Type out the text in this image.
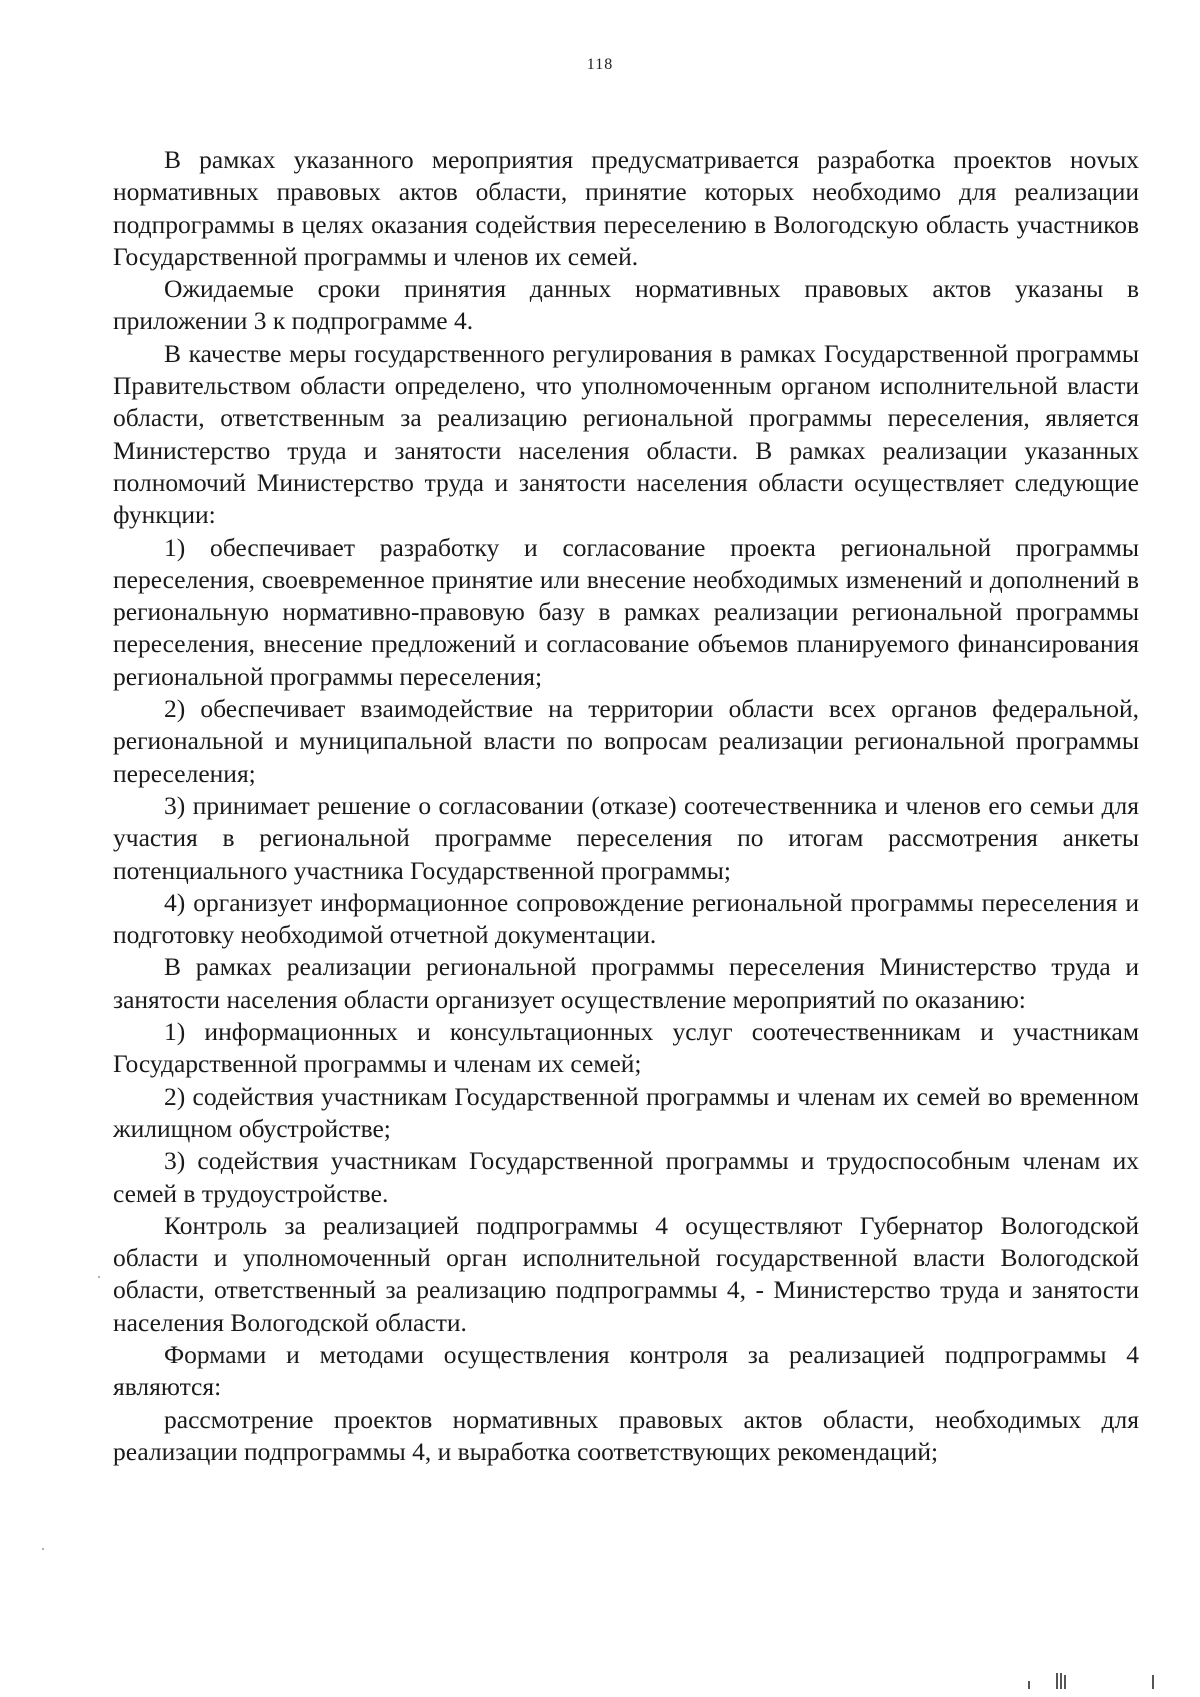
118

В рамках указанного мероприятия предусматривается разработка проектов ноvых нормативных правовых актов области, принятие которых необходимо для реализации подпрограммы в целях оказания содействия переселению в Вологодскую область участников Государственной программы и членов их семей.

Ожидаемые сроки принятия данных нормативных правовых актов указаны в приложении 3 к подпрограмме 4.

В качестве меры государственного регулирования в рамках Государственной программы Правительством области определено, что уполномоченным органом исполнительной власти области, ответственным за реализацию региональной программы переселения, является Министерство труда и занятости населения области. В рамках реализации указанных полномочий Министерство труда и занятости населения области осуществляет следующие функции:

1) обеспечивает разработку и согласование проекта региональной программы переселения, своевременное принятие или внесение необходимых изменений и дополнений в региональную нормативно-правовую базу в рамках реализации региональной программы переселения, внесение предложений и согласование объемов планируемого финансирования региональной программы переселения;

2) обеспечивает взаимодействие на территории области всех органов федеральной, региональной и муниципальной власти по вопросам реализации региональной программы переселения;

3) принимает решение о согласовании (отказе) соотечественника и членов его семьи для участия в региональной программе переселения по итогам рассмотрения анкеты потенциального участника Государственной программы;

4) организует информационное сопровождение региональной программы переселения и подготовку необходимой отчетной документации.

В рамках реализации региональной программы переселения Министерство труда и занятости населения области организует осуществление мероприятий по оказанию:

1) информационных и консультационных услуг соотечественникам и участникам Государственной программы и членам их семей;

2) содействия участникам Государственной программы и членам их семей во временном жилищном обустройстве;

3) содействия участникам Государственной программы и трудоспособным членам их семей в трудоустройстве.

Контроль за реализацией подпрограммы 4 осуществляют Губернатор Вологодской области и уполномоченный орган исполнительной государственной власти Вологодской области, ответственный за реализацию подпрограммы 4, - Министерство труда и занятости населения Вологодской области.

Формами и методами осуществления контроля за реализацией подпрограммы 4 являются:

рассмотрение проектов нормативных правовых актов области, необходимых для реализации подпрограммы 4, и выработка соответствующих рекомендаций;
